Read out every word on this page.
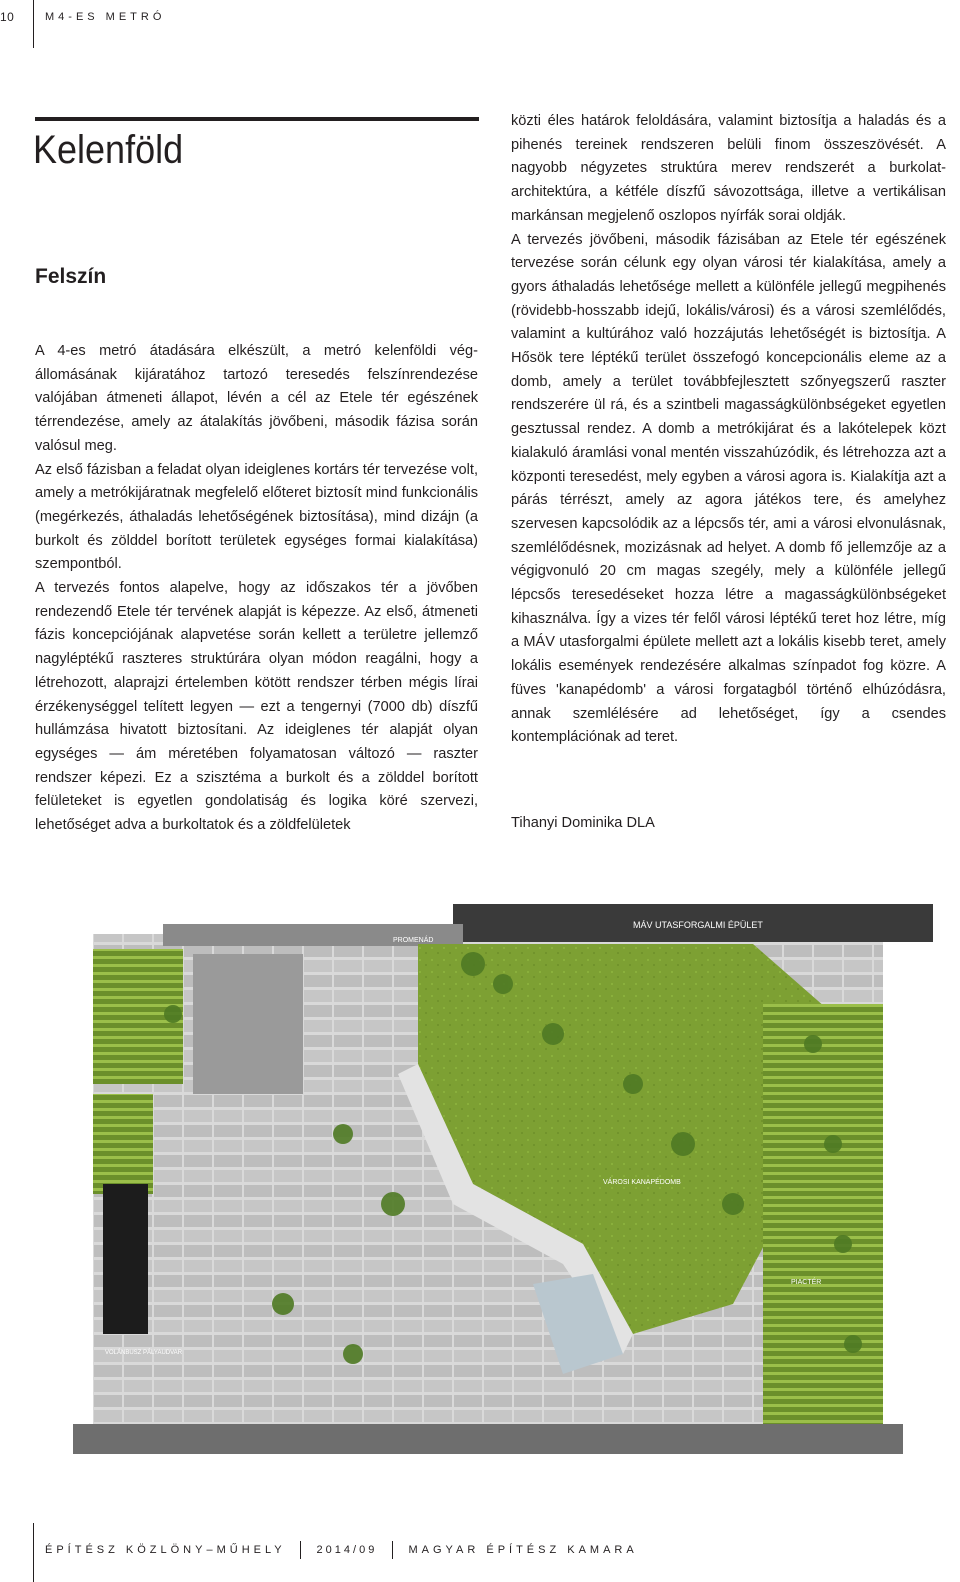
10	M4-ES METRÓ
Kelenföld
Felszín

A 4-es metró átadására elkészült, a metró kelenföldi végállomásának kijáratához tartozó teresedés felszínrendezése valójában átmeneti állapot, lévén a cél az Etele tér egészének térrendezése, amely az átalakítás jövőbeni, második fázisa során valósul meg.

Az első fázisban a feladat olyan ideiglenes kortárs tér tervezése volt, amely a metrókijáratnak megfelelő előteret biztosít mind funkcionális (megérkezés, áthaladás lehetőségének biztosítása), mind dizájn (a burkolt és zölddel borított területek egységes formai kialakítása) szempontból.

A tervezés fontos alapelve, hogy az időszakos tér a jövőben rendezendő Etele tér tervének alapját is képezze. Az első, átmeneti fázis koncepciójának alapvetése során kellett a területre jellemző nagyléptékű raszteres struktúrára olyan módon reagálni, hogy a létrehozott, alaprajzi értelemben kötött rendszer térben mégis lírai érzékenységgel telített legyen — ezt a tengernyi (7000 db) díszfű hullámzása hivatott biztosítani. Az ideiglenes tér alapját olyan egységes — ám méretében folyamatosan változó — raszter rendszer képezi. Ez a szisztéma a burkolt és a zölddel borított felületeket is egyetlen gondolatiság és logika köré szervezi, lehetőséget adva a burkoltatok és a zöldfelületek

közti éles határok feloldására, valamint biztosítja a haladás és a pihenés tereinek rendszeren belüli finom összeszövését. A nagyobb négyzetes struktúra merev rendszerét a burkolat-architektúra, a kétféle díszfű sávozottsága, illetve a vertikálisan markánsan megjelenő oszlopos nyírfák sorai oldják.

A tervezés jövőbeni, második fázisában az Etele tér egészének tervezése során célunk egy olyan városi tér kialakítása, amely a gyors áthaladás lehetősége mellett a különféle jellegű megpihenés (rövidebb-hosszabb idejű, lokális/városi) és a városi szemlélődés, valamint a kultúrához való hozzájutás lehetőségét is biztosítja. A Hősök tere léptékű terület összefogó koncepcionális eleme az a domb, amely a terület továbbfejlesztett szőnyegszerű raszter rendszerére ül rá, és a szintbeli magasságkülönbségeket egyetlen gesztussal rendez. A domb a metrókijárat és a lakótelepek közt kialakuló áramlási vonal mentén visszahúzódik, és létrehozza azt a központi teresedést, mely egyben a városi agora is. Kialakítja azt a párás térrészt, amely az agora játékos tere, és amelyhez szervesen kapcsolódik az a lépcsős tér, ami a városi elvonulásnak, szemlélődésnek, mozizásnak ad helyet. A domb fő jellemzője az a végigvonuló 20 cm magas szegély, mely a különféle jellegű lépcsős teresedéseket hozza létre a magasságkülönbségeket kihasználva. Így a vizes tér felől városi léptékű teret hoz létre, míg a MÁV utasforgalmi épülete mellett azt a lokális kisebb teret, amely lokális események rendezésére alkalmas színpadot fog közre. A füves 'kanapédomb' a városi forgatagból történő elhúzódásra, annak szemlélésére ad lehetőséget, így a csendes kontemplációnak ad teret.

Tihanyi Dominika DLA
MÁV UTASFORGALMI ÉPÜLET
PROMENÁD
VÁROSI KANAPÉDOMB
VOLÁNBUSZ PÁLYAUDVAR
PIACTÉR
ÉPÍTÉSZ KÖZLÖNY–MŰHELY	2014/09	MAGYAR ÉPÍTÉSZ KAMARA
